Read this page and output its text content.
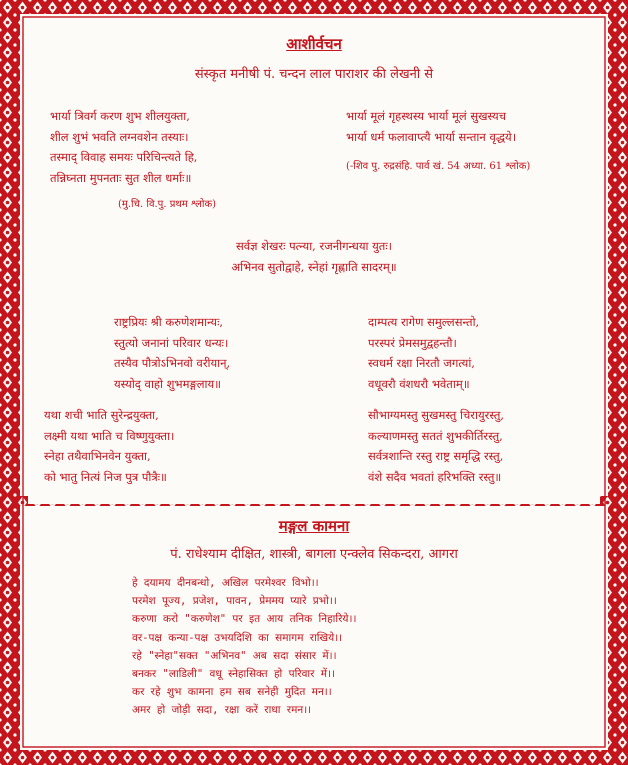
आशीर्वचन
संस्कृत मनीषी पं. चन्दन लाल पाराशर की लेखनी से
भार्या त्रिवर्ग करण शुभ शीलयुक्ता,
शील शुभं भवति लग्नवशेन तस्याः।
तस्माद् विवाह समयः परिचिन्त्यते हि,
तन्निघ्नता मुपनताः सुत शील धर्माः॥
(मु.चि. वि.पु. प्रथम श्लोक)
भार्या मूलं गृहस्थस्य भार्या मूलं सुखस्यच
भार्या धर्म फलावाप्त्यै भार्या सन्तान वृद्धये।
(-शिव पु. रुद्रसंहि. पार्व खं. 54 अध्या. 61 श्लोक)
सर्वज्ञ शेखरः पत्न्या, रजनीगन्धया युतः।
अभिनव सुतोद्वाहे, स्नेहां गृह्णाति सादरम्॥
राष्ट्रप्रियः श्री करुणेशमान्यः,
स्तुत्यो जनानां परिवार धन्यः।
तस्यैव पौत्रोऽभिनवो वरीयान्,
यस्योद् वाहो शुभमङ्गलाय॥
दाम्पत्य रागेण समुल्लसन्तो,
परस्परं प्रेमसमुद्वहन्तौ।
स्वधर्म रक्षा निरतौ जगत्यां,
वधूवरौ वंशधरौ भवेताम्॥
यथा शची भाति सुरेन्द्रयुक्ता,
लक्ष्मी यथा भाति च विष्णुयुक्ता।
स्नेहा तथैवाभिनवेन युक्ता,
को भातु नित्यं निज पुत्र पौत्रैः॥
सौभाग्यमस्तु सुखमस्तु चिरायुरस्तु,
कल्याणमस्तु सततं शुभकीर्तिरस्तु,
सर्वत्रशान्ति रस्तु राष्ट्र समृद्धि रस्तु,
वंशे सदैव भवतां हरिभक्ति रस्तु॥
मङ्गल कामना
पं. राधेश्याम दीक्षित, शास्त्री, बागला एन्क्लेव सिकन्दरा, आगरा
हे दयामय दीनबन्धो, अखिल परमेश्वर विभो।।
परमेश पूज्य, प्रजेश, पावन, प्रेममय प्यारे प्रभो।।
करुणा करो "करुणेश" पर इत आय तनिक निहारिये।।
वर-पक्ष कन्या-पक्ष उभयदिशि का समागम राखिये।।
रहे "स्नेहा"सक्त "अभिनव" अब सदा संसार में।।
बनकर "लाडिली" वधू स्नेहासिक्त हो परिवार में।।
कर रहे शुभ कामना हम सब सनेही मुदित मन।।
अमर हो जोड़ी सदा, रक्षा करें राधा रमन।।
